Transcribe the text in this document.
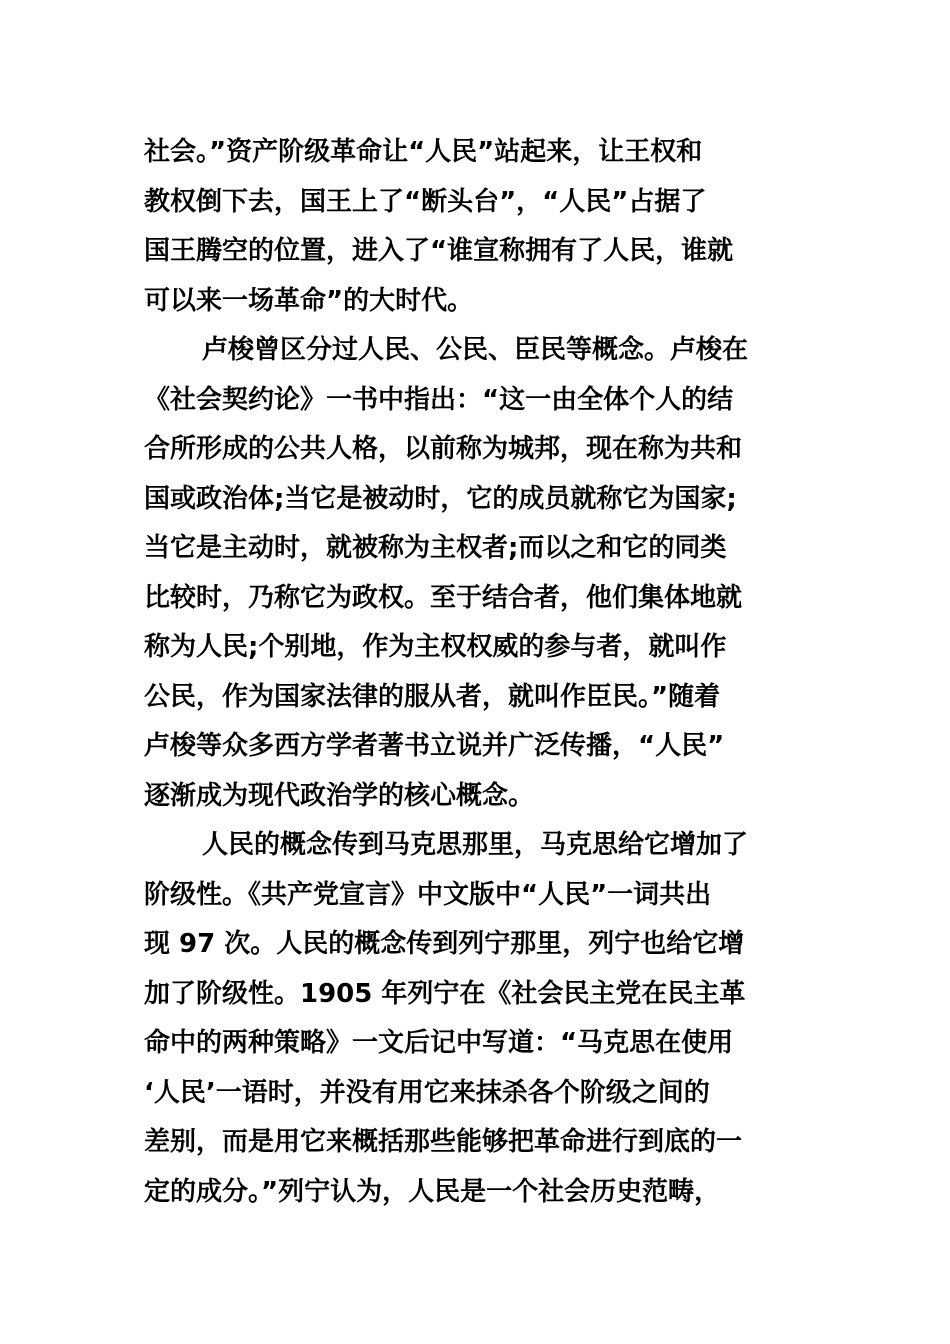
社会。”资产阶级革命让“人民”站起来，让王权和
教权倒下去，国王上了“断头台”，“人民”占据了
国王腾空的位置，进入了“谁宣称拥有了人民，谁就
可以来一场革命”的大时代。
卢梭曾区分过人民、公民、臣民等概念。卢梭在
《社会契约论》一书中指出：“这一由全体个人的结
合所形成的公共人格，以前称为城邦，现在称为共和
国或政治体;当它是被动时，它的成员就称它为国家;
当它是主动时，就被称为主权者;而以之和它的同类
比较时，乃称它为政权。至于结合者，他们集体地就
称为人民;个别地，作为主权权威的参与者，就叫作
公民，作为国家法律的服从者，就叫作臣民。”随着
卢梭等众多西方学者著书立说并广泛传播，“人民”
逐渐成为现代政治学的核心概念。
人民的概念传到马克思那里，马克思给它增加了
阶级性。《共产党宣言》中文版中“人民”一词共出
现 97 次。人民的概念传到列宁那里，列宁也给它增
加了阶级性。1905 年列宁在《社会民主党在民主革
命中的两种策略》一文后记中写道：“马克思在使用
‘人民’一语时，并没有用它来抹杀各个阶级之间的
差别，而是用它来概括那些能够把革命进行到底的一
定的成分。”列宁认为，人民是一个社会历史范畴，
